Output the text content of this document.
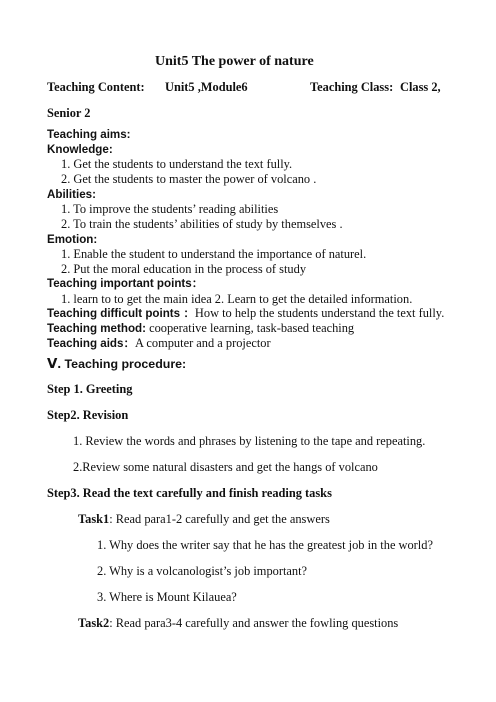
Unit5 The power of nature
Teaching Content: Unit5 ,Module6	Teaching Class: Class 2,
Senior 2
Teaching aims:
Knowledge:
1. Get the students to understand the text fully.
2. Get the students to master the power of volcano .
Abilities:
1. To improve the students’ reading abilities
2. To train the students’ abilities of study by themselves .
Emotion:
1. Enable the student to understand the importance of naturel.
2. Put the moral education in the process of study
Teaching important points：
1. learn to to get the main idea 2. Learn to get the detailed information.
Teaching difficult points ：How to help the students understand the text fully.
Teaching method: cooperative learning, task-based teaching
Teaching aids：A computer and a projector
Ⅴ. Teaching procedure:
Step 1. Greeting
Step2. Revision
1. Review the words and phrases by listening to the tape and repeating.
2.Review some natural disasters and get the hangs of volcano
Step3. Read the text carefully and finish reading tasks
Task1: Read para1-2 carefully and get the answers
1. Why does the writer say that he has the greatest job in the world?
2. Why is a volcanologist’s job important?
3. Where is Mount Kilauea?
Task2: Read para3-4 carefully and answer the fowling questions
